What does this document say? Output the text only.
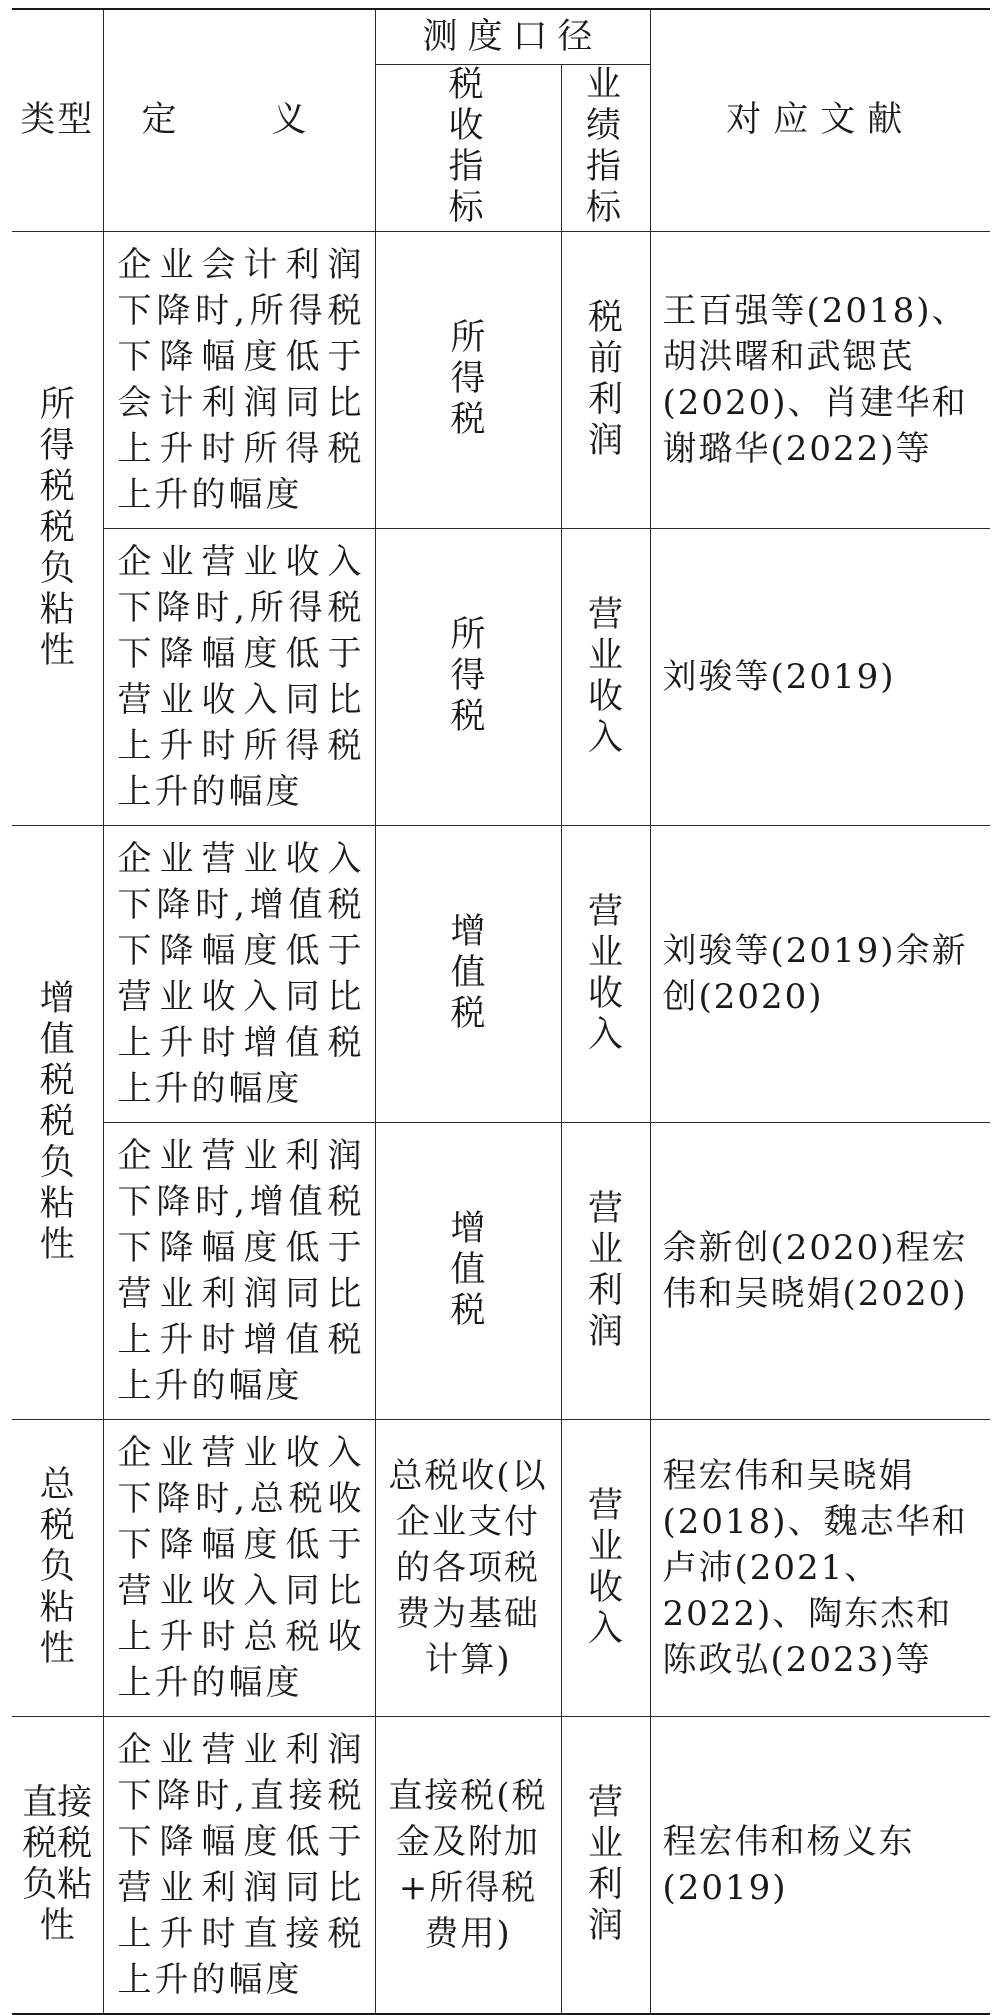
类型	定　义	测度口径		对应文献
		税收指标	业绩指标	
所得税税负粘性	企业会计利润下降时,所得税下降幅度低于会计利润同比上升时所得税上升的幅度	所得税	税前利润	王百强等(2018)、胡洪曙和武锶芪(2020)、肖建华和谢璐华(2022)等
	企业营业收入下降时,所得税下降幅度低于营业收入同比上升时所得税上升的幅度	所得税	营业收入	刘骏等(2019)
增值税税负粘性	企业营业收入下降时,增值税下降幅度低于营业收入同比上升时增值税上升的幅度	增值税	营业收入	刘骏等(2019)余新创(2020)
	企业营业利润下降时,增值税下降幅度低于营业利润同比上升时增值税上升的幅度	增值税	营业利润	余新创(2020)程宏伟和吴晓娟(2020)
总税负粘性	企业营业收入下降时,总税收下降幅度低于营业收入同比上升时总税收上升的幅度	总税收(以企业支付的各项税费为基础计算)	营业收入	程宏伟和吴晓娟(2018)、魏志华和卢沛(2021、2022)、陶东杰和陈政弘(2023)等
直接税税负粘性	企业营业利润下降时,直接税下降幅度低于营业利润同比上升时直接税上升的幅度	直接税(税金及附加+所得税费用)	营业利润	程宏伟和杨义东(2019)
